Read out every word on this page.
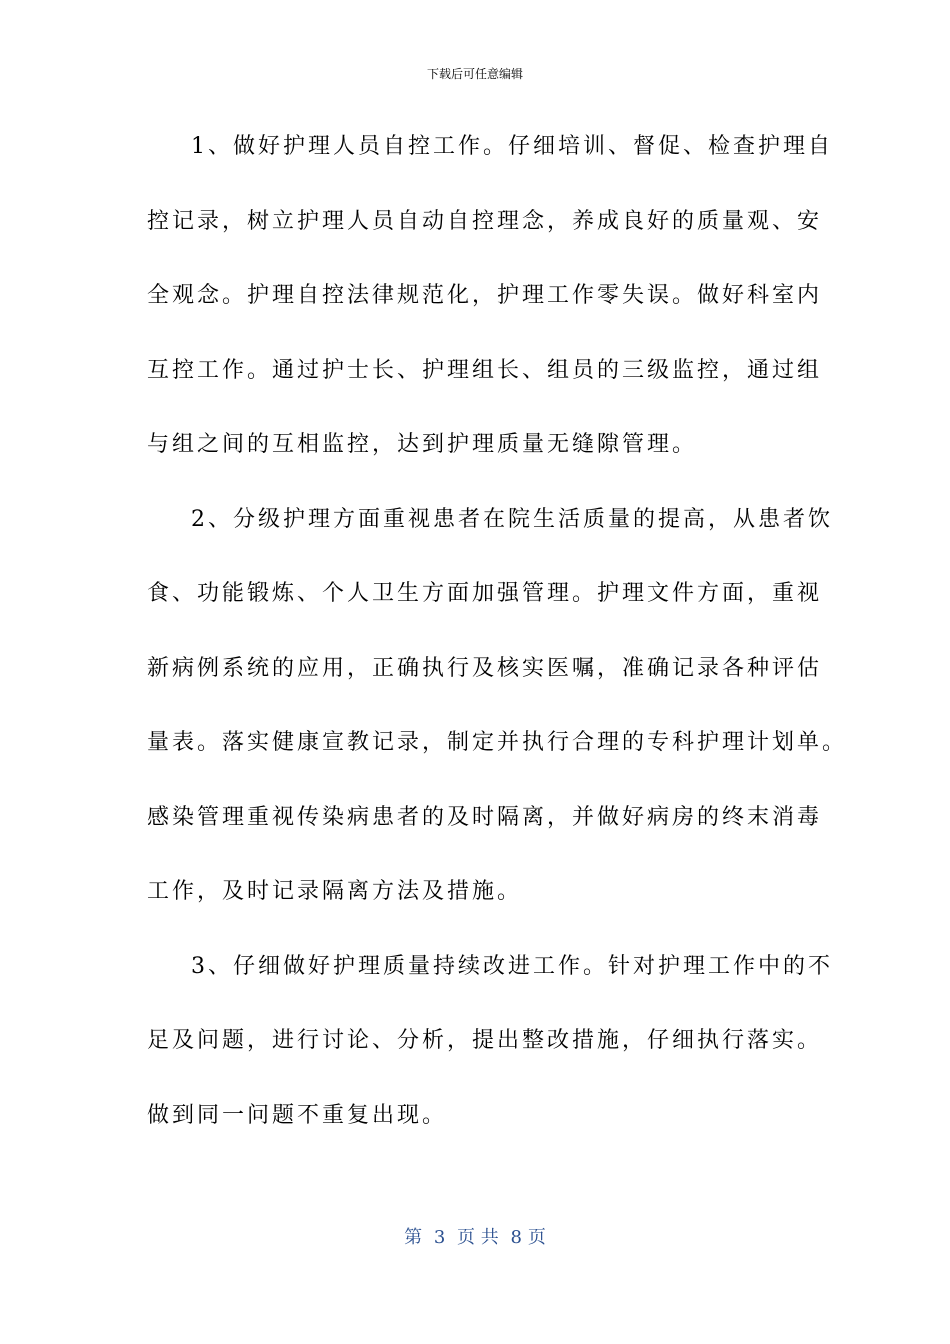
下载后可任意编辑
1、做好护理人员自控工作。仔细培训、督促、检查护理自
控记录，树立护理人员自动自控理念，养成良好的质量观、安
全观念。护理自控法律规范化，护理工作零失误。做好科室内
互控工作。通过护士长、护理组长、组员的三级监控，通过组
与组之间的互相监控，达到护理质量无缝隙管理。
2、分级护理方面重视患者在院生活质量的提高，从患者饮
食、功能锻炼、个人卫生方面加强管理。护理文件方面，重视
新病例系统的应用，正确执行及核实医嘱，准确记录各种评估
量表。落实健康宣教记录，制定并执行合理的专科护理计划单。
感染管理重视传染病患者的及时隔离，并做好病房的终末消毒
工作，及时记录隔离方法及措施。
3、仔细做好护理质量持续改进工作。针对护理工作中的不
足及问题，进行讨论、分析，提出整改措施，仔细执行落实。
做到同一问题不重复出现。
第 3 页 共 8 页
